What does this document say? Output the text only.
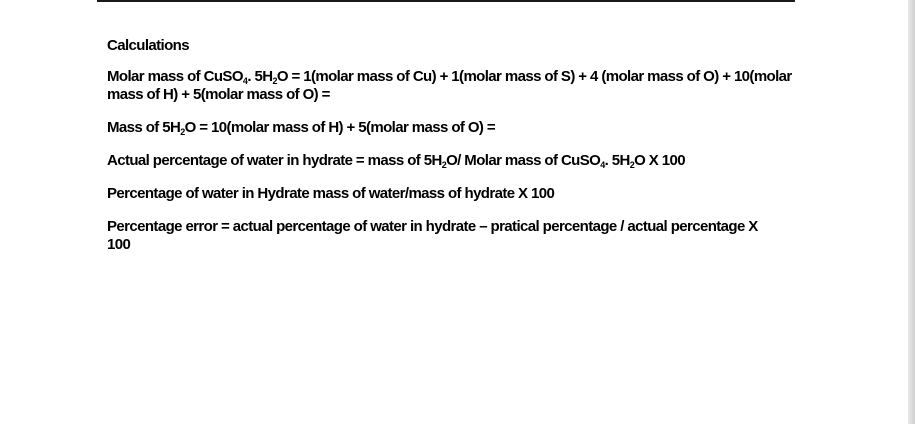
Calculations

Molar mass of CuSO$_4$. $5H_2O$ = 1(molar mass of Cu) + 1(molar mass of S) + 4 (molar mass of O) + 10(molar

mass of H) + 5(molar mass of O) =

Mass of $5H_2O$ = 10(molar mass of H) + 5(molar mass of O) =

Actual percentage of water in hydrate = mass of $5H_2O/$ Molar mass of CuSO$_4$. $5H_2O$ X 100

Percentage of water in Hydrate mass of water/mass of hydrate X 100

Percentage error = actual percentage of water in hydrate – pratical percentage / actual percentage X

100
